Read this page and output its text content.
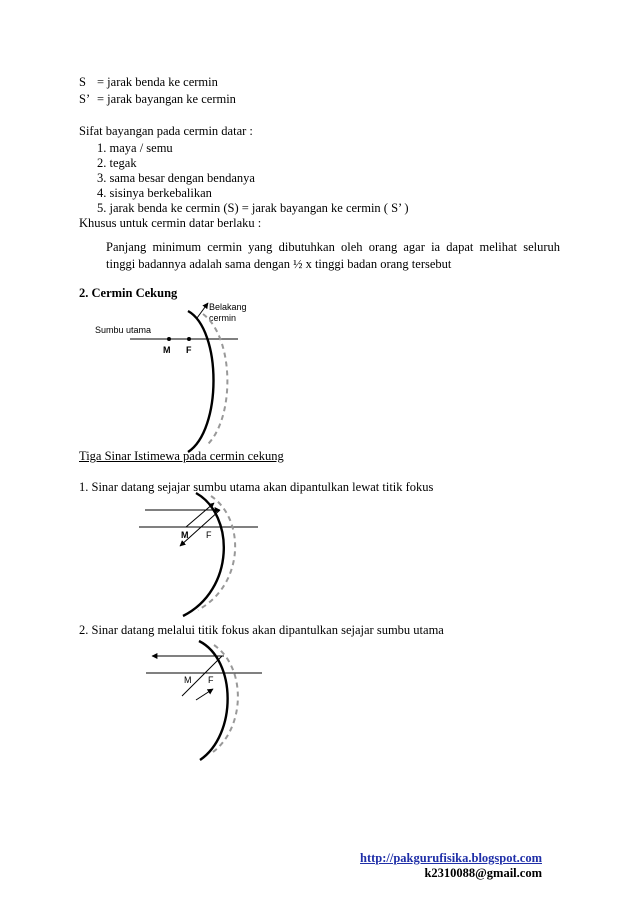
S = jarak benda ke cermin
S’ = jarak bayangan ke cermin
Sifat bayangan pada cermin datar :
1. maya / semu
2. tegak
3. sama besar dengan bendanya
4. sisinya berkebalikan
5. jarak benda ke cermin (S) = jarak bayangan ke cermin ( S’ )
Khusus untuk cermin datar berlaku :
Panjang minimum cermin yang dibutuhkan oleh orang agar ia dapat melihat seluruh
tinggi badannya adalah sama dengan ½ x tinggi badan orang tersebut
2. Cermin Cekung
Belakang
cermin
Sumbu utama
M F
Tiga Sinar Istimewa pada cermin cekung
1. Sinar datang sejajar sumbu utama akan dipantulkan lewat titik fokus
M F
2. Sinar datang melalui titik fokus akan dipantulkan sejajar sumbu utama
M F
http://pakgurufisika.blogspot.com
k2310088@gmail.com
